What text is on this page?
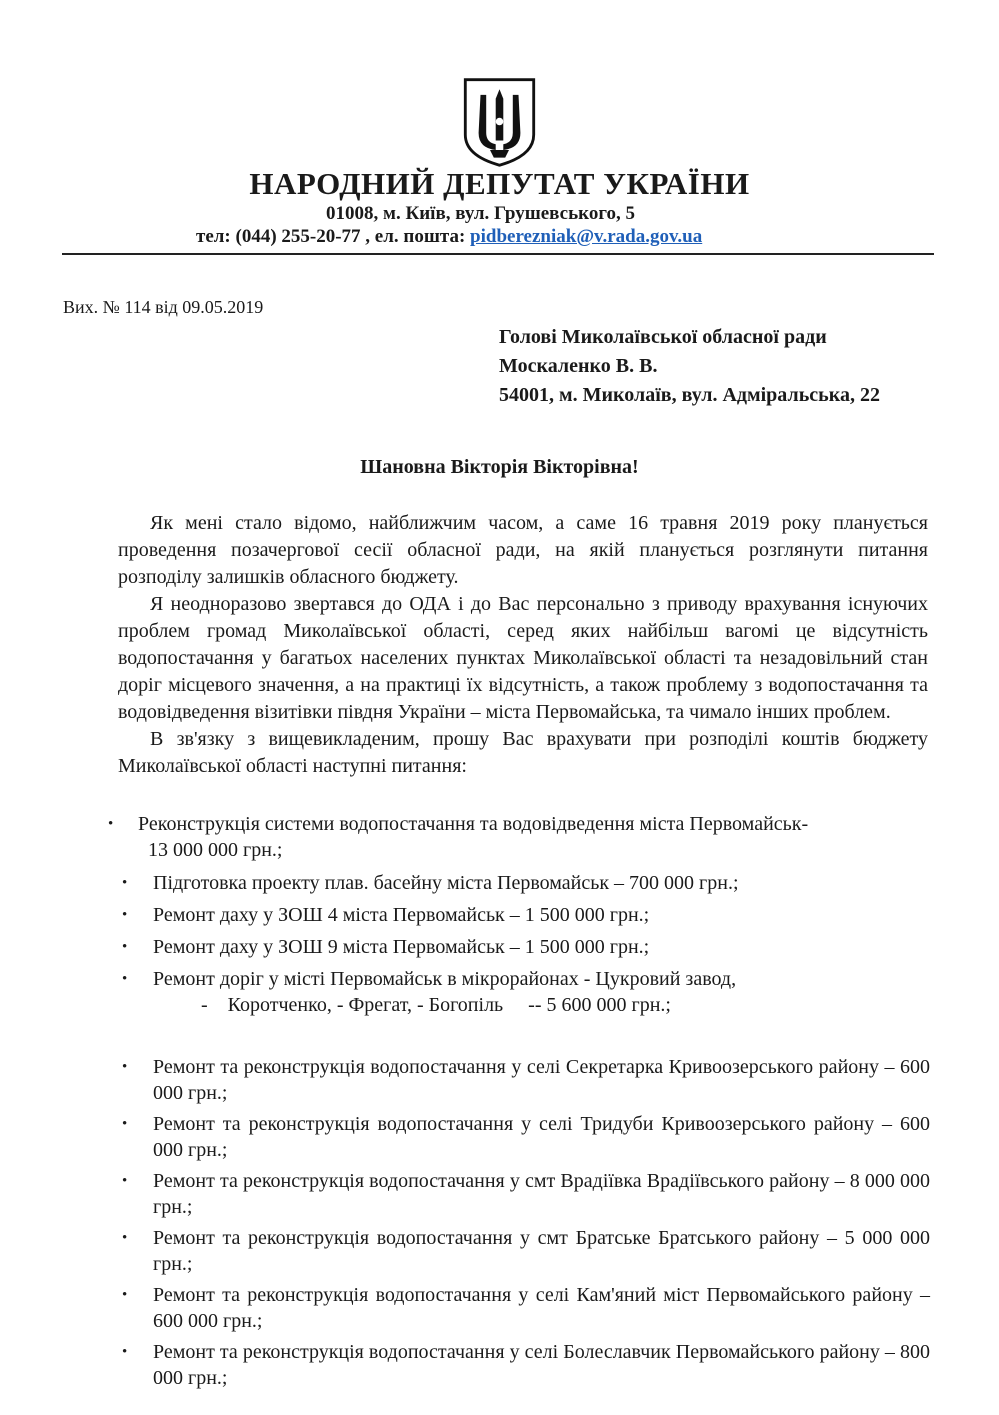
НАРОДНИЙ ДЕПУТАТ УКРАЇНИ
01008, м. Київ, вул. Грушевського, 5
тел: (044) 255-20-77 , ел. пошта: pidbereznіak@v.rada.gov.ua
Вих. № 114 від 09.05.2019
Голові Миколаївської обласної ради
Москаленко В. В.
54001, м. Миколаїв, вул. Адміральська, 22
Шановна Вікторія Вікторівна!

Як мені стало відомо, найближчим часом, а саме 16 травня 2019 року планується проведення позачергової сесії обласної ради, на якій планується розглянути питання розподілу залишків обласного бюджету.

Я неодноразово звертався до ОДА і до Вас персонально з приводу врахування існуючих проблем громад Миколаївської області, серед яких найбільш вагомі це відсутність водопостачання у багатьох населених пунктах Миколаївської області та незадовільний стан доріг місцевого значення, а на практиці їх відсутність, а також проблему з водопостачання та водовідведення візитівки півдня України – міста Первомайська, та чимало інших проблем.

В зв'язку з вищевикладеним, прошу Вас врахувати при розподілі коштів бюджету Миколаївської області наступні питання:

• Реконструкція системи водопостачання та водовідведення міста Первомайськ-
13 000 000 грн.;
• Підготовка проекту плав. басейну міста Первомайськ – 700 000 грн.;
• Ремонт даху у ЗОШ 4 міста Первомайськ – 1 500 000 грн.;
• Ремонт даху у ЗОШ 9 міста Первомайськ – 1 500 000 грн.;
• Ремонт доріг у місті Первомайськ в мікрорайонах - Цукровий завод,
-    Коротченко, - Фрегат, - Богопіль     -- 5 600 000 грн.;
• Ремонт та реконструкція водопостачання у селі Секретарка Кривоозерського району – 600 000 грн.;

• Ремонт та реконструкція водопостачання у селі Тридуби Кривоозерського району – 600 000 грн.;

• Ремонт та реконструкція водопостачання у смт Врадіївка Врадіївського району – 8 000 000 грн.;

• Ремонт та реконструкція водопостачання у смт Братське Братського району – 5 000 000 грн.;

• Ремонт та реконструкція водопостачання у селі Кам'яний міст Первомайського району – 600 000 грн.;

• Ремонт та реконструкція водопостачання у селі Болеславчик Первомайського району – 800 000 грн.;
